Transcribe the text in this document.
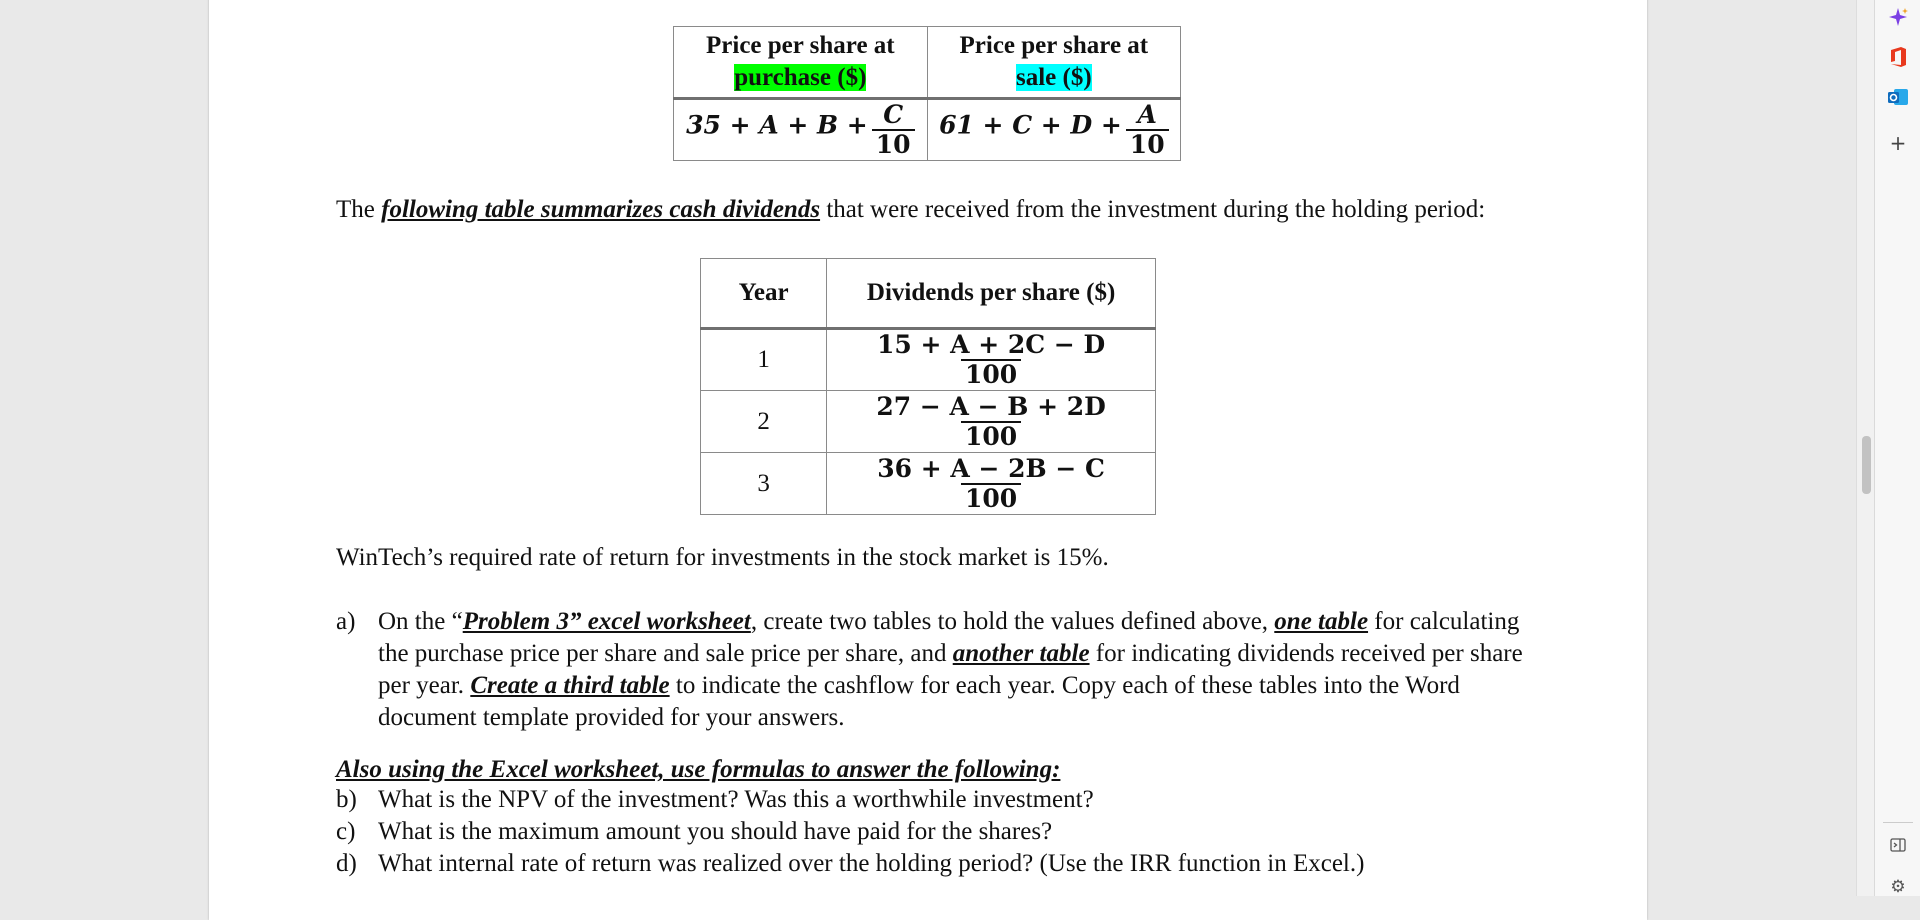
Price per share at
purchase ($)	Price per share at
sale ($)
$35 + A + B + \frac{C}{10}$	$61 + C + D + \frac{A}{10}$
The following table summarizes cash dividends that were received from the investment during the holding period:
Year	Dividends per share ($)
1	$\frac{15 + A + 2C - D}{100}$

2	$\frac{27 - A - B + 2D}{100}$

3	$\frac{36 + A - 2B - C}{100}$
WinTech’s required rate of return for investments in the stock market is 15%.
a) On the “Problem 3” excel worksheet, create two tables to hold the values defined above, one table for calculating
the purchase price per share and sale price per share, and another table for indicating dividends received per share
per year. Create a third table to indicate the cashflow for each year. Copy each of these tables into the Word
document template provided for your answers.
Also using the Excel worksheet, use formulas to answer the following:
b) What is the NPV of the investment? Was this a worthwhile investment?
c) What is the maximum amount you should have paid for the shares?
d) What internal rate of return was realized over the holding period? (Use the IRR function in Excel.)
+
⚙
